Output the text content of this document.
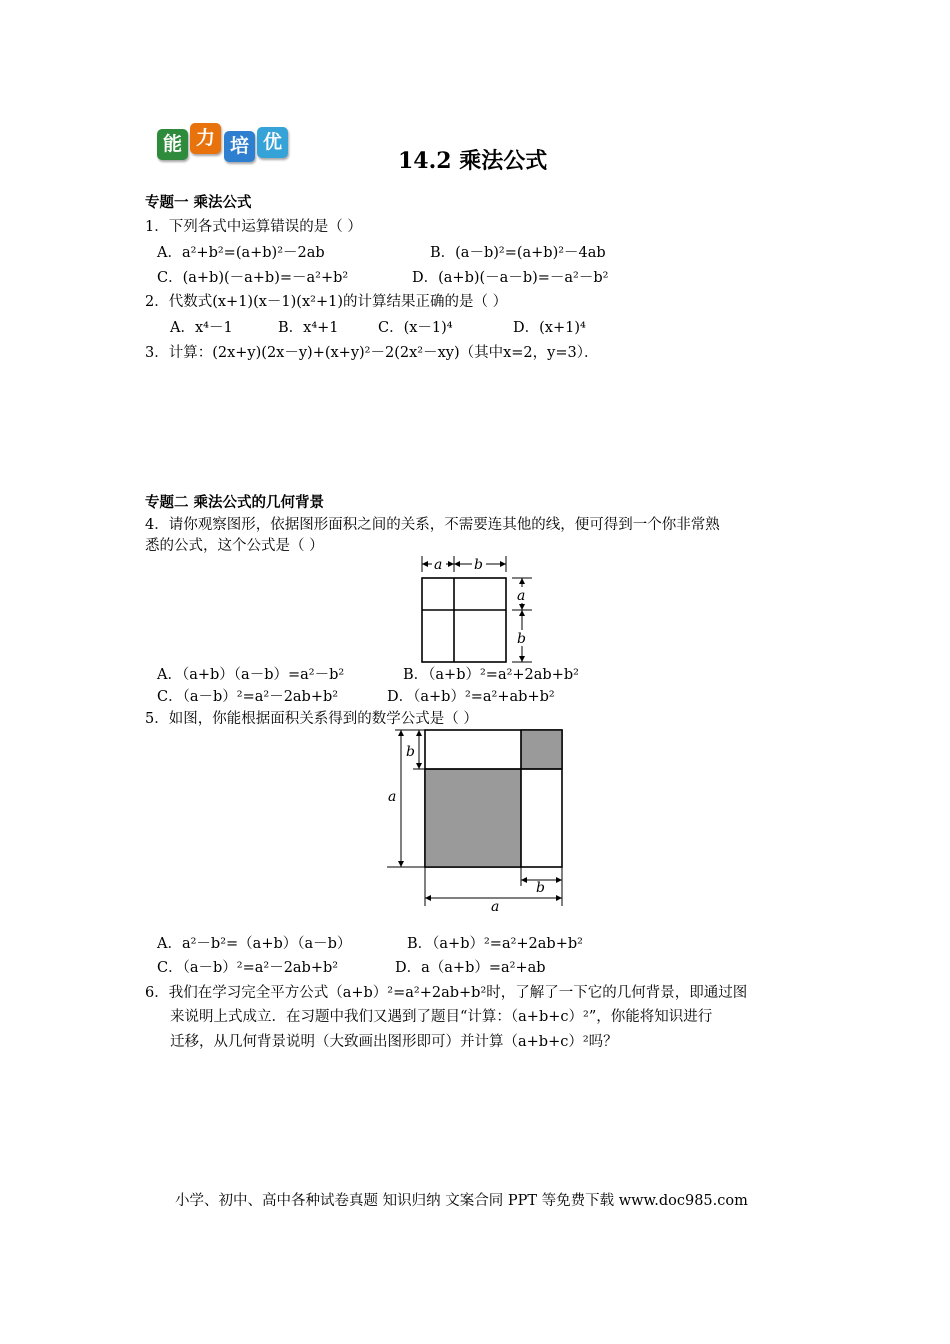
能 力 培 优
14.2 乘法公式
专题一 乘法公式
1．下列各式中运算错误的是（ ）
A．a²+b²=(a+b)²－2ab	B．(a－b)²=(a+b)²－4ab
C．(a+b)(－a+b)=－a²+b²	D．(a+b)(－a－b)=－a²－b²
2．代数式(x+1)(x－1)(x²+1)的计算结果正确的是（ ）
A．x⁴－1	B．x⁴+1	C．(x－1)⁴	D．(x+1)⁴
3．计算：(2x+y)(2x－y)+(x+y)²－2(2x²－xy)（其中x=2，y=3）．
专题二 乘法公式的几何背景
4．请你观察图形，依据图形面积之间的关系，不需要连其他的线，便可得到一个你非常熟
悉的公式，这个公式是（ ）
a b
a
b
A．（a+b）（a－b）=a²－b²	B．（a+b）²=a²+2ab+b²
C．（a－b）²=a²－2ab+b²	D．（a+b）²=a²+ab+b²
5．如图，你能根据面积关系得到的数学公式是（ ）
b
a
b
a
A．a²－b²=（a+b）（a－b）	B．（a+b）²=a²+2ab+b²
C．（a－b）²=a²－2ab+b²	D．a（a+b）=a²+ab
6．我们在学习完全平方公式（a+b）²=a²+2ab+b²时，了解了一下它的几何背景，即通过图
来说明上式成立．在习题中我们又遇到了题目“计算：（a+b+c）²”，你能将知识进行
迁移，从几何背景说明（大致画出图形即可）并计算（a+b+c）²吗？
小学、初中、高中各种试卷真题 知识归纳 文案合同 PPT 等免费下载 www.doc985.com
